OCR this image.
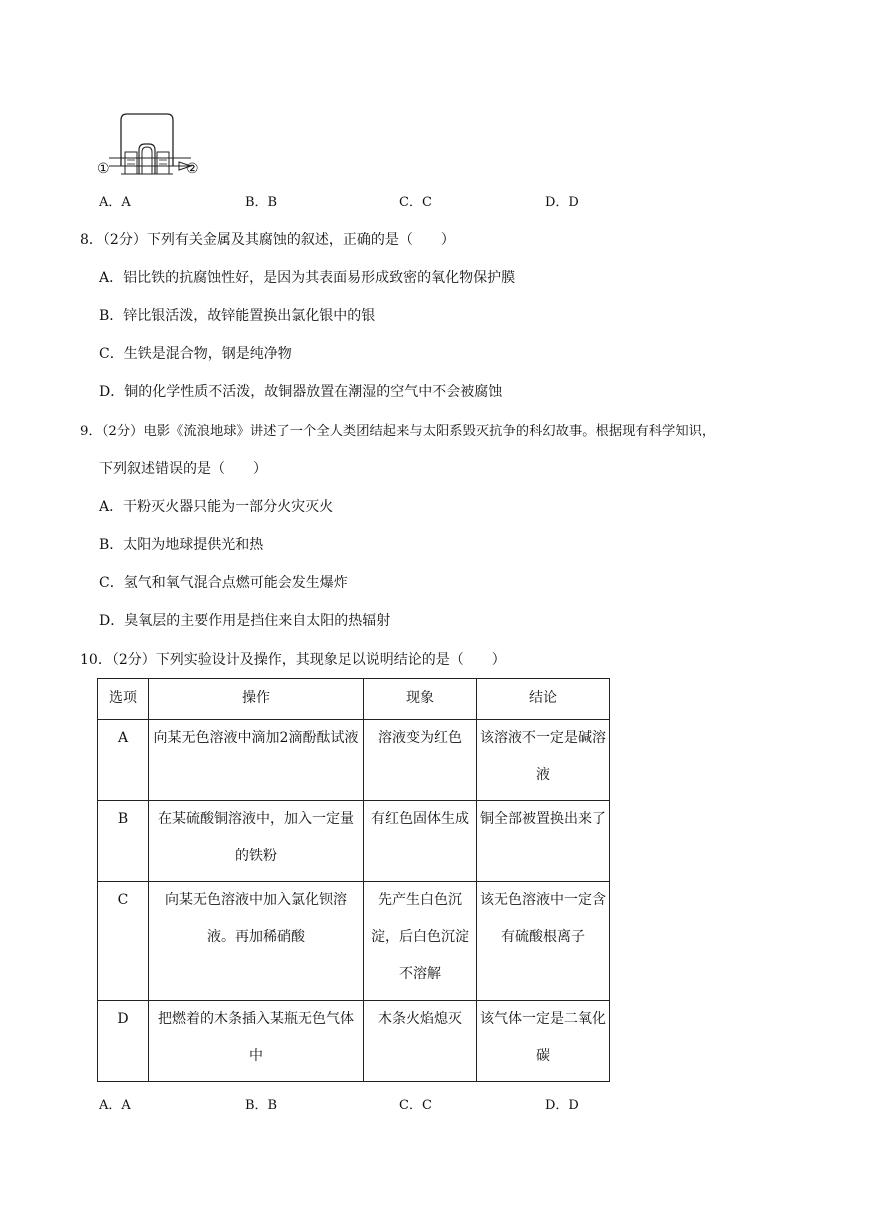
①	②
A．A	B．B	C．C	D．D
8．（2分）下列有关金属及其腐蚀的叙述，正确的是（　　）
A．铝比铁的抗腐蚀性好，是因为其表面易形成致密的氧化物保护膜
B．锌比银活泼，故锌能置换出氯化银中的银
C．生铁是混合物，钢是纯净物
D．铜的化学性质不活泼，故铜器放置在潮湿的空气中不会被腐蚀
9．（2分）电影《流浪地球》讲述了一个全人类团结起来与太阳系毁灭抗争的科幻故事。根据现有科学知识，
下列叙述错误的是（　　）
A．干粉灭火器只能为一部分火灾灭火
B．太阳为地球提供光和热
C．氢气和氧气混合点燃可能会发生爆炸
D．臭氧层的主要作用是挡住来自太阳的热辐射
10．（2分）下列实验设计及操作，其现象足以说明结论的是（　　）
选项	操作	现象	结论
A	向某无色溶液中滴加2滴酚酞试液	溶液变为红色	该溶液不一定是碱溶液
B	在某硫酸铜溶液中，加入一定量的铁粉	有红色固体生成	铜全部被置换出来了
C	向某无色溶液中加入氯化钡溶液。再加稀硝酸	先产生白色沉淀，后白色沉淀不溶解	该无色溶液中一定含有硫酸根离子
D	把燃着的木条插入某瓶无色气体中	木条火焰熄灭	该气体一定是二氧化碳
A．A	B．B	C．C	D．D
